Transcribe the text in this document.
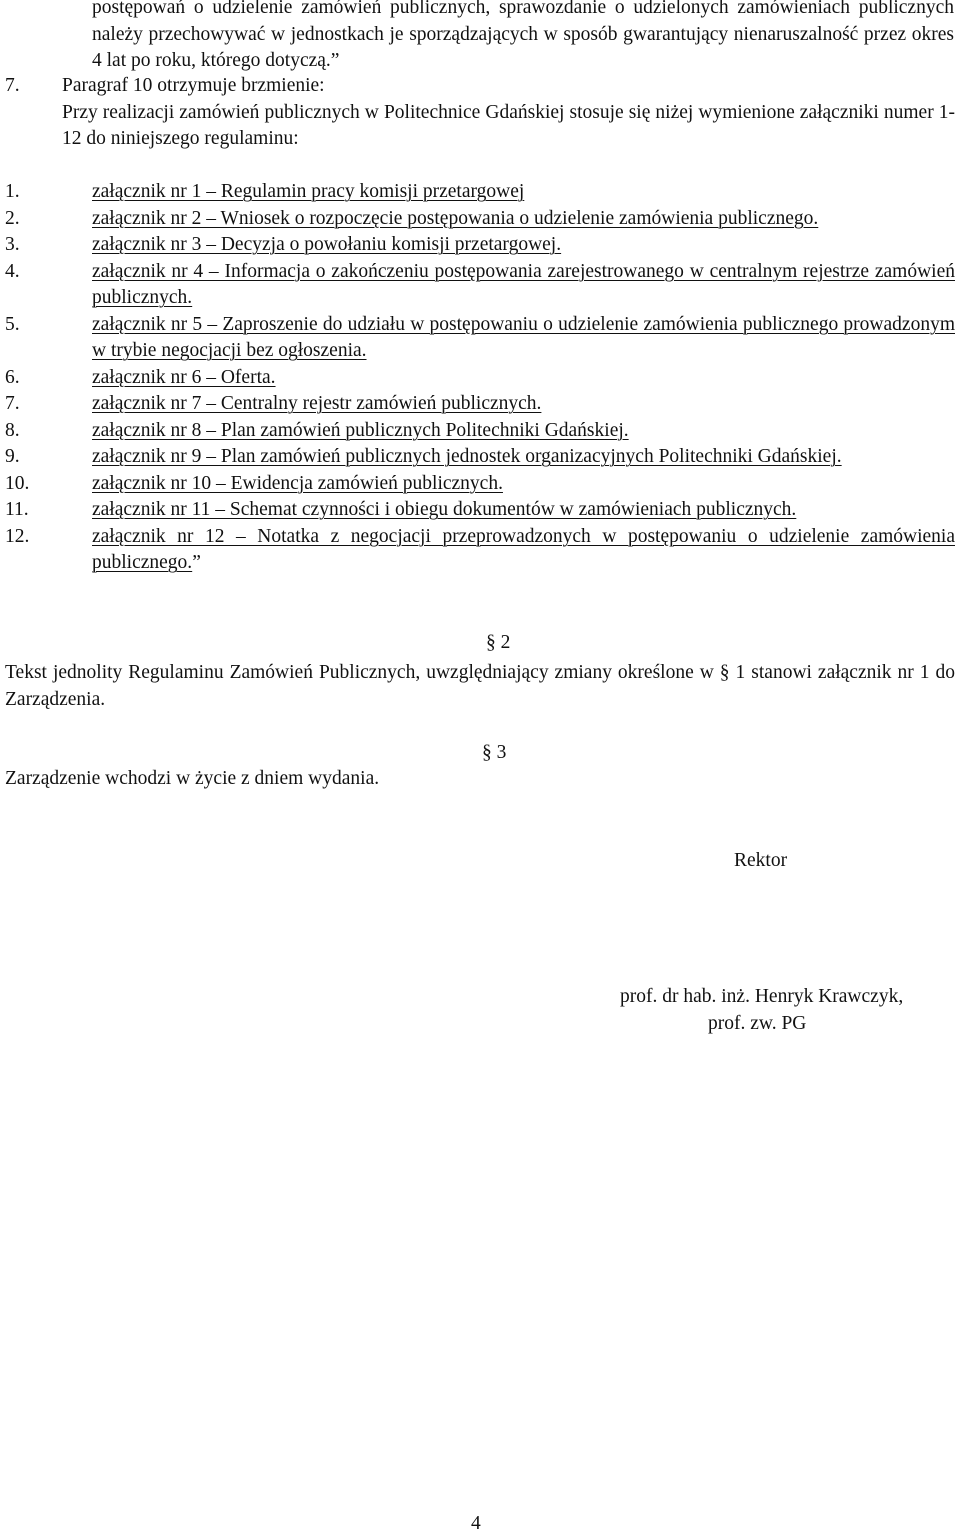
postępowań o udzielenie zamówień publicznych, sprawozdanie o udzielonych zamówieniach publicznych należy przechowywać w jednostkach je sporządzających w sposób gwarantujący nienaruszalność przez okres 4 lat po roku, którego dotyczą.”

7. Paragraf 10 otrzymuje brzmienie:

Przy realizacji zamówień publicznych w Politechnice Gdańskiej stosuje się niżej wymienione załączniki numer 1-12 do niniejszego regulaminu:

1.	załącznik nr 1 – Regulamin pracy komisji przetargowej
2.	załącznik nr 2 – Wniosek o rozpoczęcie postępowania o udzielenie zamówienia publicznego.
3.	załącznik nr 3 – Decyzja o powołaniu komisji przetargowej.
4.	załącznik nr 4 – Informacja o zakończeniu postępowania zarejestrowanego w centralnym rejestrze zamówień publicznych.
5.	załącznik nr 5 – Zaproszenie do udziału w postępowaniu o udzielenie zamówienia publicznego prowadzonym w trybie negocjacji bez ogłoszenia.
6.	załącznik nr 6 – Oferta.
7.	załącznik nr 7 – Centralny rejestr zamówień publicznych.
8.	załącznik nr 8 – Plan zamówień publicznych Politechniki Gdańskiej.
9.	załącznik nr 9 – Plan zamówień publicznych jednostek organizacyjnych Politechniki Gdańskiej.
10.	załącznik nr 10 – Ewidencja zamówień publicznych.
11.	załącznik nr 11 – Schemat czynności i obiegu dokumentów w zamówieniach publicznych.
12.	załącznik nr 12 – Notatka z negocjacji przeprowadzonych w postępowaniu o udzielenie zamówienia publicznego.”
§ 2

Tekst jednolity Regulaminu Zamówień Publicznych, uwzględniający zmiany określone w § 1 stanowi załącznik nr 1 do Zarządzenia.

§ 3

Zarządzenie wchodzi w życie z dniem wydania.

Rektor
prof. dr hab. inż. Henryk Krawczyk,
prof. zw. PG
4
